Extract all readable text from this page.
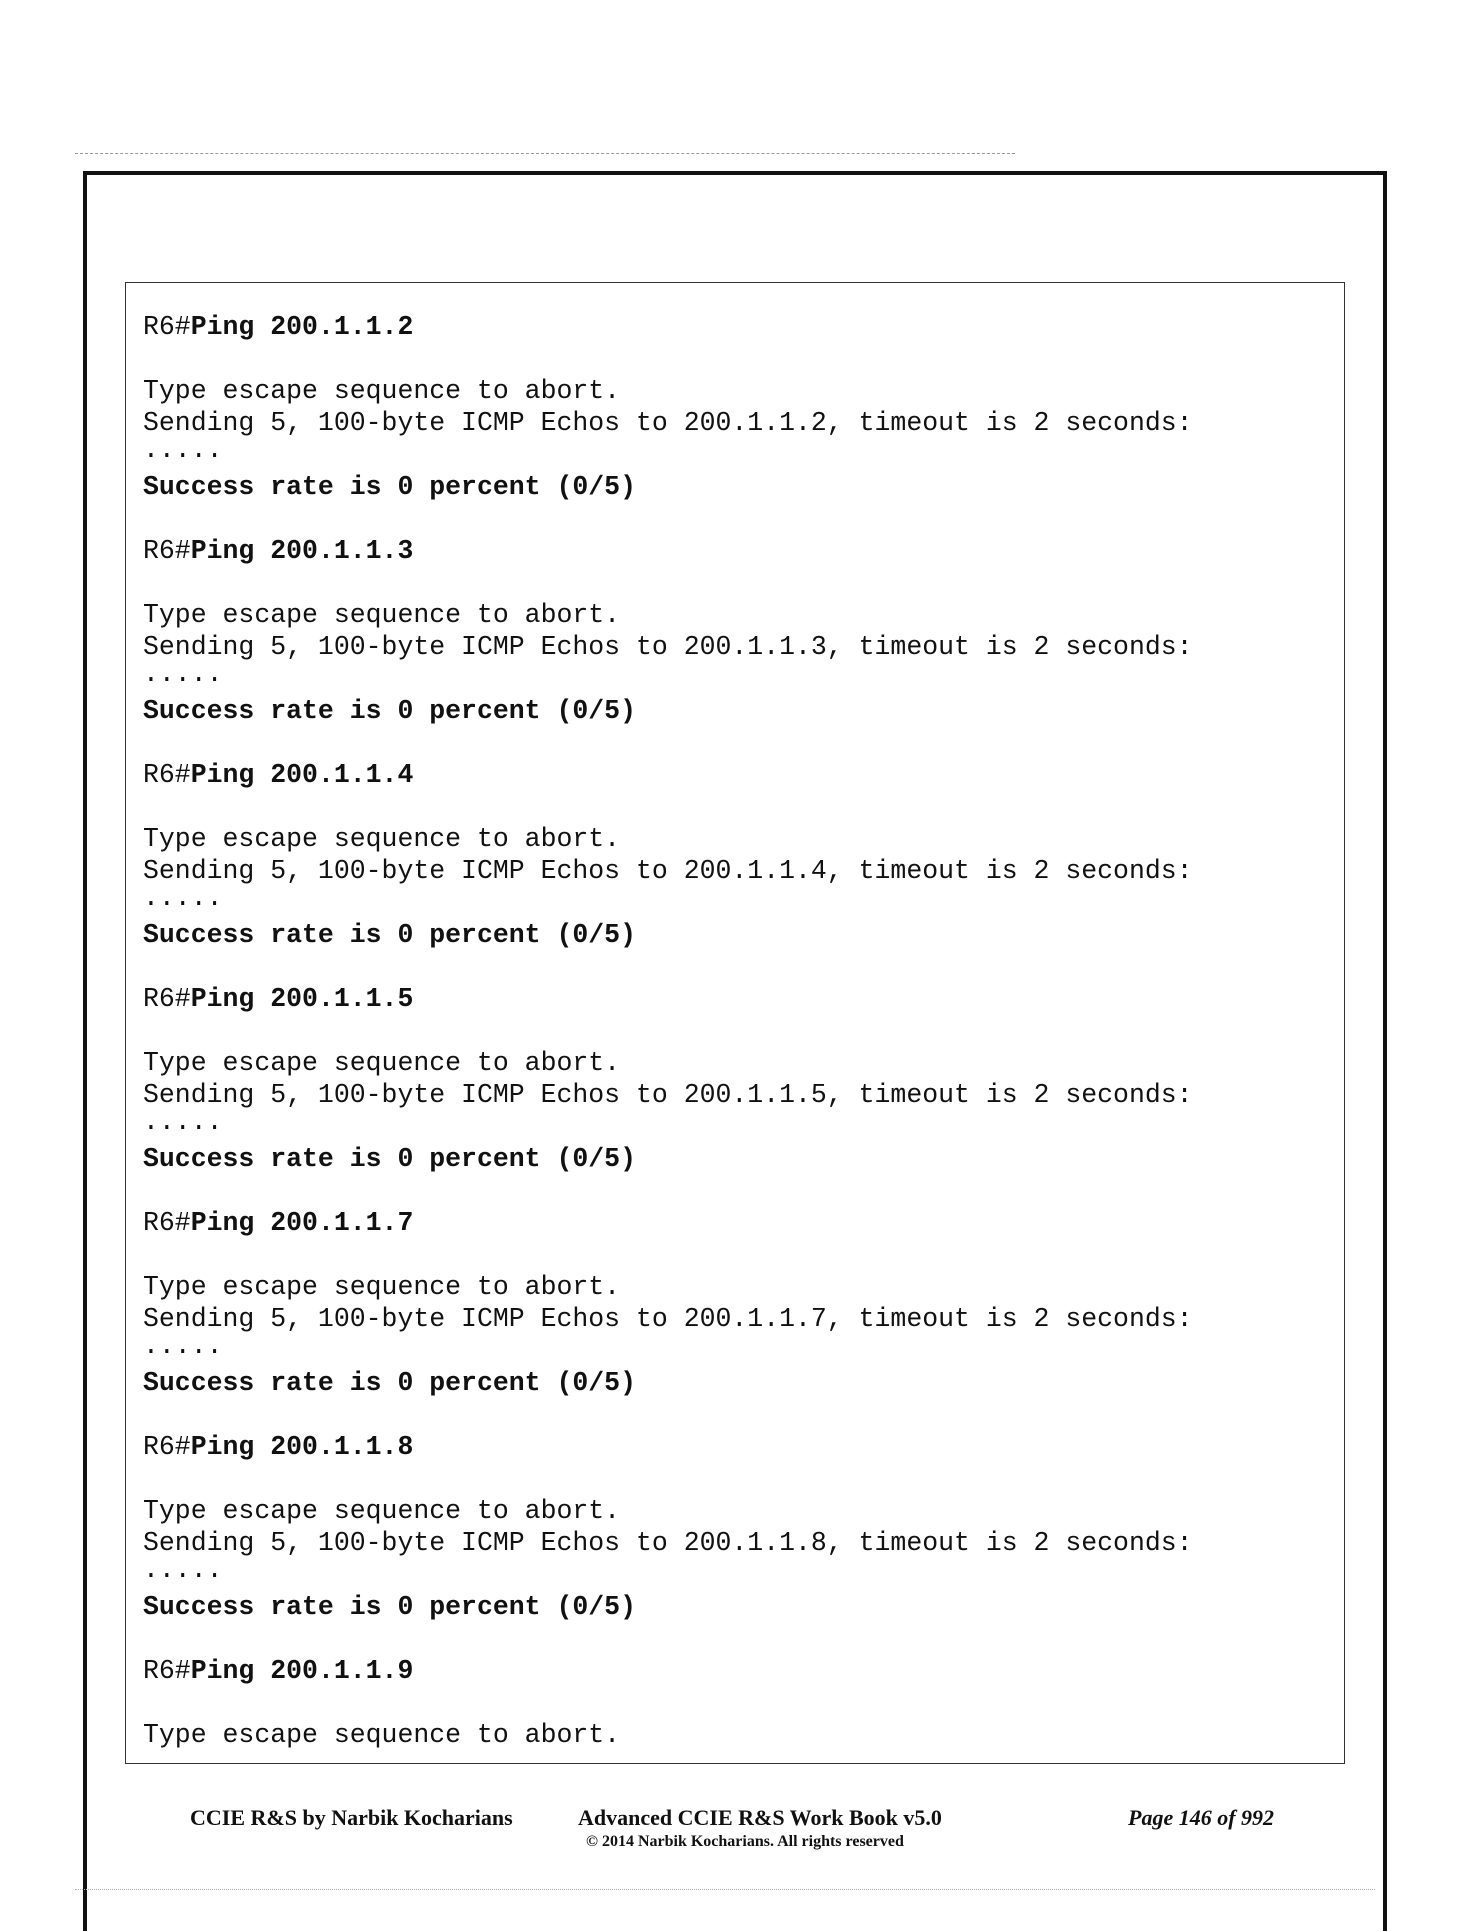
R6#Ping 200.1.1.2
Type escape sequence to abort.
Sending 5, 100-byte ICMP Echos to 200.1.1.2, timeout is 2 seconds:
.....
Success rate is 0 percent (0/5)
R6#Ping 200.1.1.3
Type escape sequence to abort.
Sending 5, 100-byte ICMP Echos to 200.1.1.3, timeout is 2 seconds:
.....
Success rate is 0 percent (0/5)
R6#Ping 200.1.1.4
Type escape sequence to abort.
Sending 5, 100-byte ICMP Echos to 200.1.1.4, timeout is 2 seconds:
.....
Success rate is 0 percent (0/5)
R6#Ping 200.1.1.5
Type escape sequence to abort.
Sending 5, 100-byte ICMP Echos to 200.1.1.5, timeout is 2 seconds:
.....
Success rate is 0 percent (0/5)
R6#Ping 200.1.1.7
Type escape sequence to abort.
Sending 5, 100-byte ICMP Echos to 200.1.1.7, timeout is 2 seconds:
.....
Success rate is 0 percent (0/5)
R6#Ping 200.1.1.8
Type escape sequence to abort.
Sending 5, 100-byte ICMP Echos to 200.1.1.8, timeout is 2 seconds:
.....
Success rate is 0 percent (0/5)
R6#Ping 200.1.1.9
Type escape sequence to abort.
CCIE R&S by Narbik Kocharians	Advanced CCIE R&S Work Book v5.0
© 2014 Narbik Kocharians. All rights reserved
Page 146 of 992
